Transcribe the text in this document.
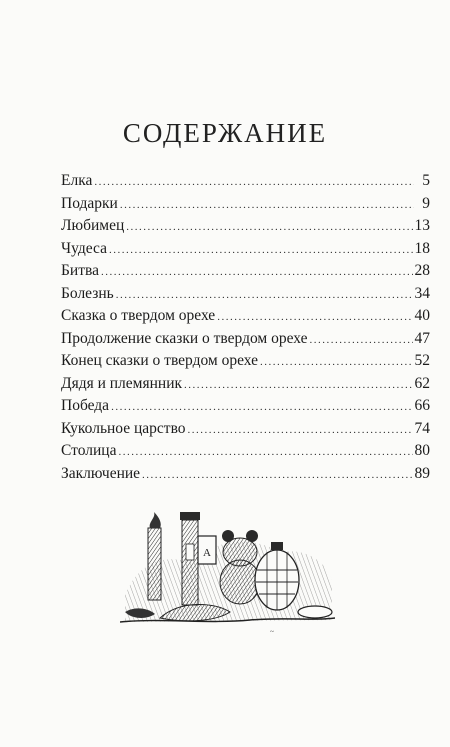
СОДЕРЖАНИЕ
Елка .....	5
Подарки .....	9
Любимец .....	13
Чудеса .....	18
Битва .....	28
Болезнь .....	34
Сказка о твердом орехе .....	40
Продолжение сказки о твердом орехе .....	47
Конец сказки о твердом орехе .....	52
Дядя и племянник .....	62
Победа .....	66
Кукольное царство .....	74
Столица .....	80
Заключение .....	89
A
~
